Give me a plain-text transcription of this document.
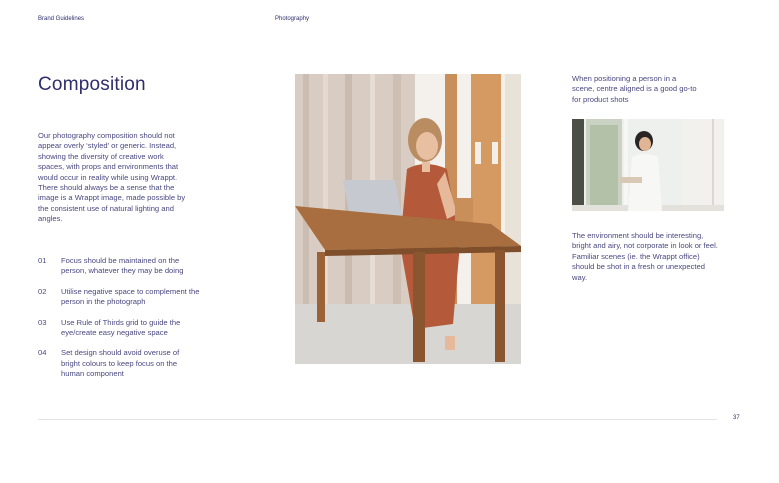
Brand Guidelines	Photography
Composition
Our photography composition should not appear overly ‘styled’ or generic. Instead, showing the diversity of creative work spaces, with props and environments that would occur in reality while using Wrappt. There should always be a sense that the image is a Wrappt image, made possible by the consistent use of natural lighting and angles.
01	Focus should be maintained on the person, whatever they may be doing
02	Utilise negative space to complement the person in the photograph
03	Use Rule of Thirds grid to guide the eye/create easy negative space
04	Set design should avoid overuse of bright colours to keep focus on the human component
When positioning a person in a scene, centre aligned is a good go-to for product shots
The environment should be interesting, bright and airy, not corporate in look or feel. Familiar scenes (ie. the Wrappt office) should be shot in a fresh or unexpected way.
37
